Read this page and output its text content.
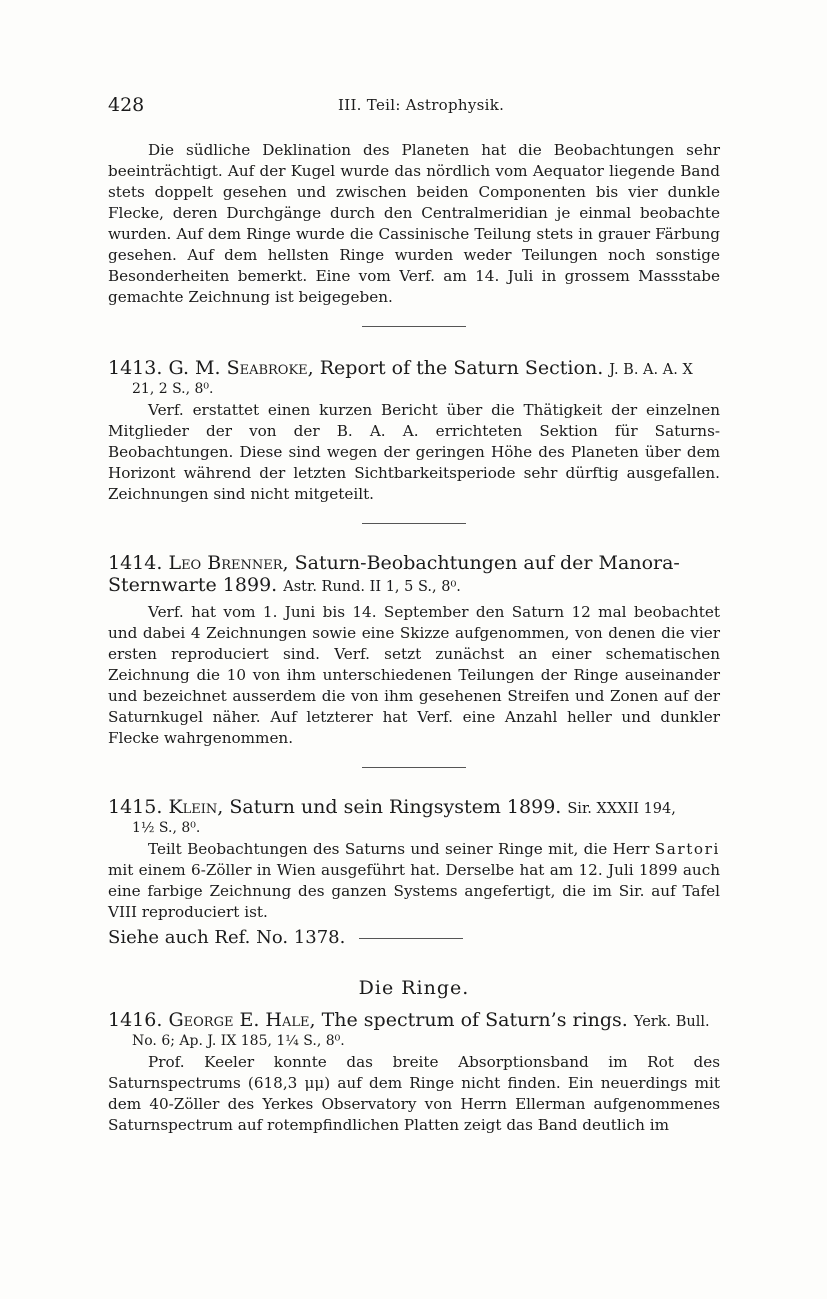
428	III. Teil: Astrophysik.

Die südliche Deklination des Planeten hat die Beobachtungen sehr beeinträchtigt. Auf der Kugel wurde das nördlich vom Aequator liegende Band stets doppelt gesehen und zwischen beiden Componenten bis vier dunkle Flecke, deren Durchgänge durch den Centralmeridian je einmal beobachte wurden. Auf dem Ringe wurde die Cassinische Teilung stets in grauer Färbung gesehen. Auf dem hellsten Ringe wurden weder Teilungen noch sonstige Besonderheiten bemerkt. Eine vom Verf. am 14. Juli in grossem Massstabe gemachte Zeichnung ist beigegeben.

1413. G. M. Seabroke, Report of the Saturn Section. J. B. A. A. X

21, 2 S., 8⁰.

Verf. erstattet einen kurzen Bericht über die Thätigkeit der einzelnen Mitglieder der von der B. A. A. errichteten Sektion für Saturns-Beobachtungen. Diese sind wegen der geringen Höhe des Planeten über dem Horizont während der letzten Sichtbarkeitsperiode sehr dürftig ausgefallen. Zeichnungen sind nicht mitgeteilt.

1414. Leo Brenner, Saturn-Beobachtungen auf der Manora-Sternwarte 1899. Astr. Rund. II 1, 5 S., 8⁰.

Verf. hat vom 1. Juni bis 14. September den Saturn 12 mal beobachtet und dabei 4 Zeichnungen sowie eine Skizze aufgenommen, von denen die vier ersten reproduciert sind. Verf. setzt zunächst an einer schematischen Zeichnung die 10 von ihm unterschiedenen Teilungen der Ringe auseinander und bezeichnet ausserdem die von ihm gesehenen Streifen und Zonen auf der Saturnkugel näher. Auf letzterer hat Verf. eine Anzahl heller und dunkler Flecke wahrgenommen.

1415. Klein, Saturn und sein Ringsystem 1899. Sir. XXXII 194,

1½ S., 8⁰.

Teilt Beobachtungen des Saturns und seiner Ringe mit, die Herr Sartori mit einem 6-Zöller in Wien ausgeführt hat. Derselbe hat am 12. Juli 1899 auch eine farbige Zeichnung des ganzen Systems angefertigt, die im Sir. auf Tafel VIII reproduciert ist.

Siehe auch Ref. No. 1378.

Die Ringe.

1416. George E. Hale, The spectrum of Saturn’s rings. Yerk. Bull.

No. 6; Ap. J. IX 185, 1¼ S., 8⁰.

Prof. Keeler konnte das breite Absorptionsband im Rot des Saturnspectrums (618,3 μμ) auf dem Ringe nicht finden. Ein neuerdings mit dem 40-Zöller des Yerkes Observatory von Herrn Ellerman aufgenommenes Saturnspectrum auf rotempfindlichen Platten zeigt das Band deutlich im
